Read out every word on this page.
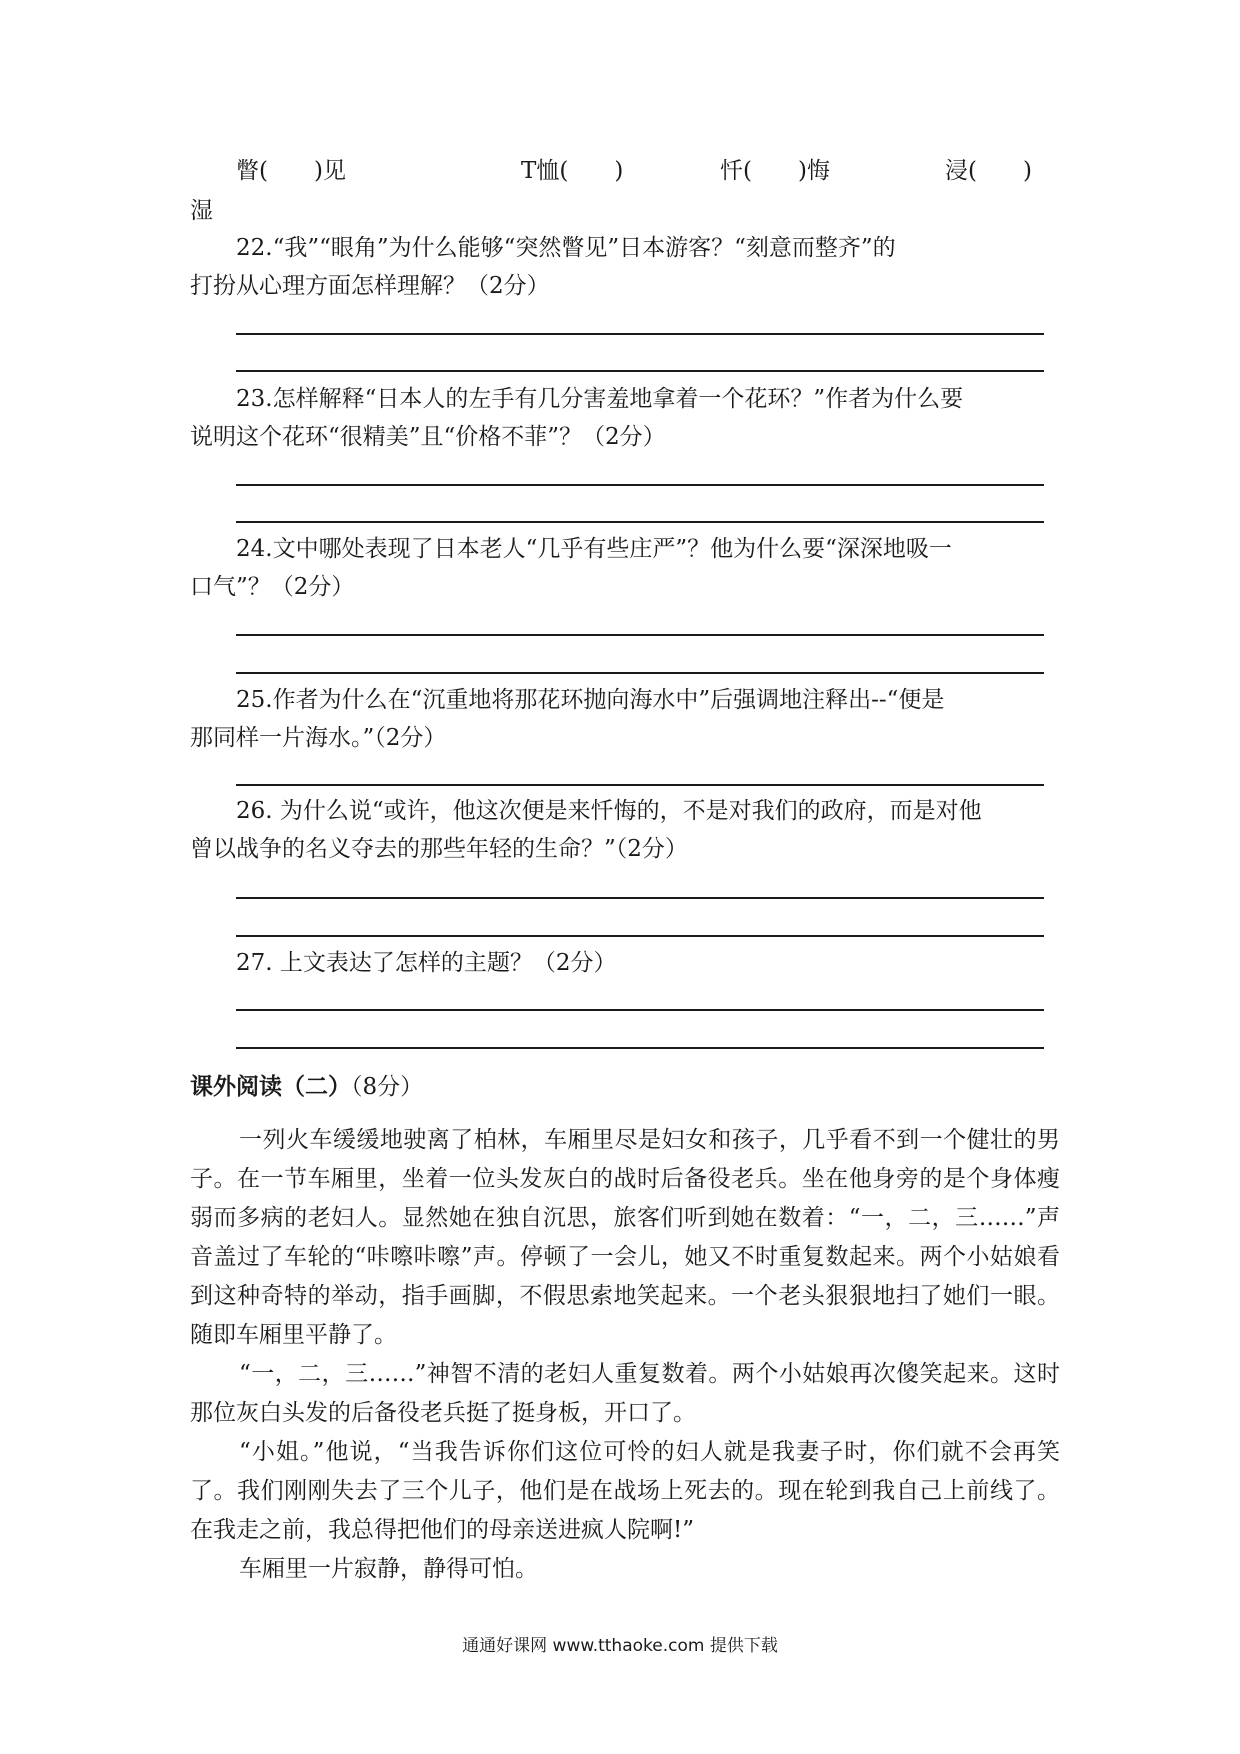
瞥(　　)见	T恤(　　)	忏(　　)悔	浸(　　)
湿
22.“我”“眼角”为什么能够“突然瞥见”日本游客？“刻意而整齐”的
打扮从心理方面怎样理解？（2分）
23.怎样解释“日本人的左手有几分害羞地拿着一个花环？”作者为什么要
说明这个花环“很精美”且“价格不菲”？（2分）
24.文中哪处表现了日本老人“几乎有些庄严”？他为什么要“深深地吸一
口气”？（2分）
25.作者为什么在“沉重地将那花环抛向海水中”后强调地注释出--“便是
那同样一片海水。”（2分）
26. 为什么说“或许，他这次便是来忏悔的，不是对我们的政府，而是对他
曾以战争的名义夺去的那些年轻的生命？”（2分）
27. 上文表达了怎样的主题？（2分）
课外阅读（二）（8分）
一列火车缓缓地驶离了柏林，车厢里尽是妇女和孩子，几乎看不到一个健壮的男子。在一节车厢里，坐着一位头发灰白的战时后备役老兵。坐在他身旁的是个身体瘦弱而多病的老妇人。显然她在独自沉思，旅客们听到她在数着：“一，二，三……”声音盖过了车轮的“咔嚓咔嚓”声。停顿了一会儿，她又不时重复数起来。两个小姑娘看到这种奇特的举动，指手画脚，不假思索地笑起来。一个老头狠狠地扫了她们一眼。随即车厢里平静了。
“一，二，三……”神智不清的老妇人重复数着。两个小姑娘再次傻笑起来。这时那位灰白头发的后备役老兵挺了挺身板，开口了。
“小姐。”他说，“当我告诉你们这位可怜的妇人就是我妻子时，你们就不会再笑了。我们刚刚失去了三个儿子，他们是在战场上死去的。现在轮到我自己上前线了。在我走之前，我总得把他们的母亲送进疯人院啊!”
车厢里一片寂静，静得可怕。
通通好课网 www.tthaoke.com 提供下载
